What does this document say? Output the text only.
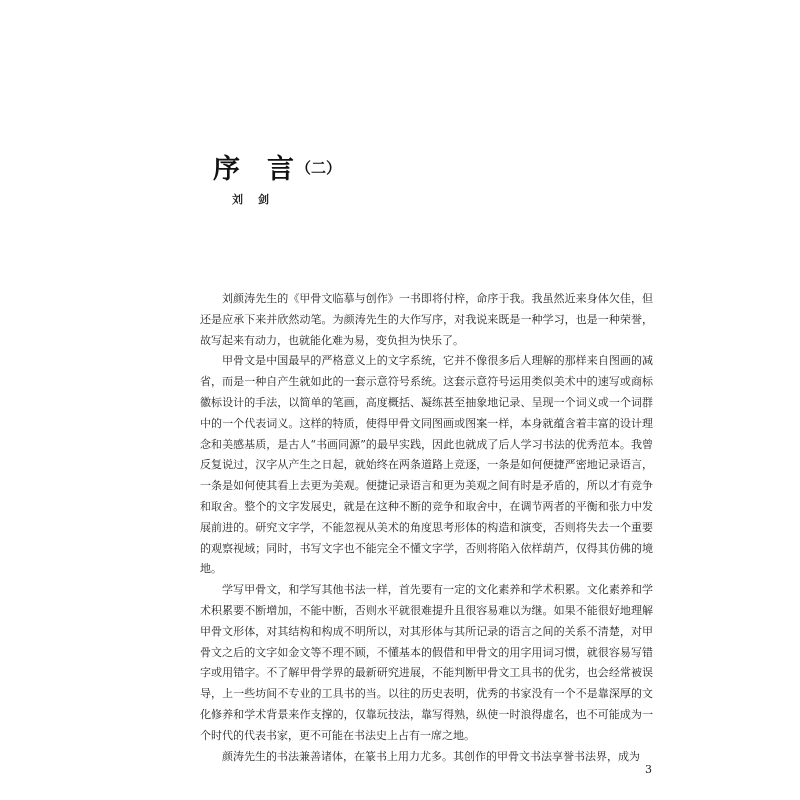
序　言 （二）
刘　剑

刘颜涛先生的《甲骨文临摹与创作》一书即将付梓，命序于我。我虽然近来身体欠佳，但还是应承下来并欣然动笔。为颜涛先生的大作写序，对我说来既是一种学习，也是一种荣誉，故写起来有动力，也就能化难为易，变负担为快乐了。

甲骨文是中国最早的严格意义上的文字系统，它并不像很多后人理解的那样来自图画的减省，而是一种自产生就如此的一套示意符号系统。这套示意符号运用类似美术中的速写或商标徽标设计的手法，以简单的笔画，高度概括、凝练甚至抽象地记录、呈现一个词义或一个词群中的一个代表词义。这样的特质，使得甲骨文同图画或图案一样，本身就蕴含着丰富的设计理念和美感基质，是古人“书画同源”的最早实践，因此也就成了后人学习书法的优秀范本。我曾反复说过，汉字从产生之日起，就始终在两条道路上竞逐，一条是如何便捷严密地记录语言，一条是如何使其看上去更为美观。便捷记录语言和更为美观之间有时是矛盾的，所以才有竞争和取舍。整个的文字发展史，就是在这种不断的竞争和取舍中，在调节两者的平衡和张力中发展前进的。研究文字学，不能忽视从美术的角度思考形体的构造和演变，否则将失去一个重要的观察视域；同时，书写文字也不能完全不懂文字学，否则将陷入依样葫芦，仅得其仿佛的境地。

学写甲骨文，和学写其他书法一样，首先要有一定的文化素养和学术积累。文化素养和学术积累要不断增加，不能中断，否则水平就很难提升且很容易难以为继。如果不能很好地理解甲骨文形体，对其结构和构成不明所以，对其形体与其所记录的语言之间的关系不清楚，对甲骨文之后的文字如金文等不理不顾，不懂基本的假借和甲骨文的用字用词习惯，就很容易写错字或用错字。不了解甲骨学界的最新研究进展，不能判断甲骨文工具书的优劣，也会经常被误导，上一些坊间不专业的工具书的当。以往的历史表明，优秀的书家没有一个不是靠深厚的文化修养和学术背景来作支撑的，仅靠玩技法，靠写得熟，纵使一时浪得虚名，也不可能成为一个时代的代表书家，更不可能在书法史上占有一席之地。

颜涛先生的书法兼善诸体，在篆书上用力尤多。其创作的甲骨文书法享誉书法界，成为

3
